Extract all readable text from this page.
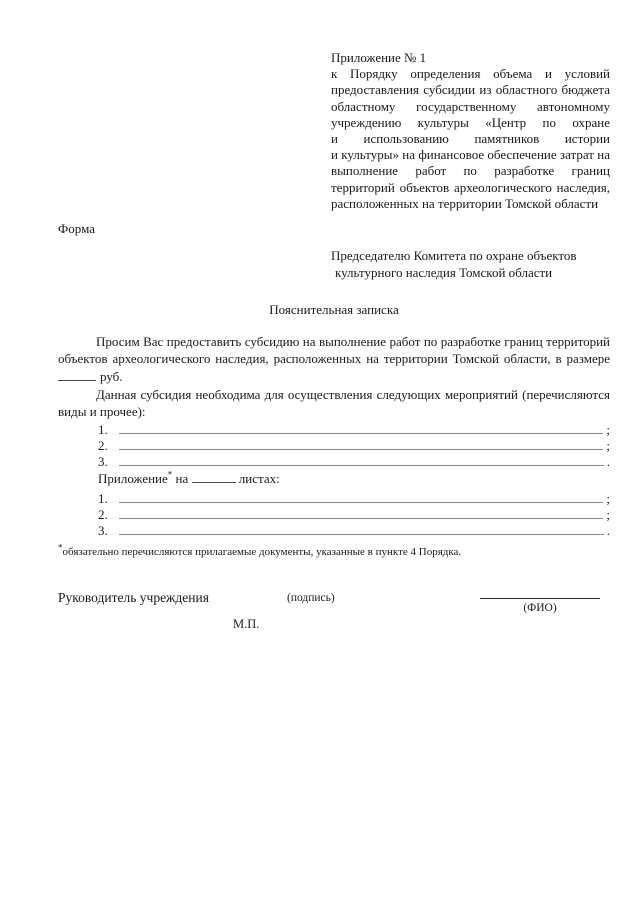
Приложение № 1
к Порядку определения объема и условий
предоставления субсидии из областного бюджета
областному государственному автономному
учреждению культуры «Центр по охране
и использованию памятников истории
и культуры» на финансовое обеспечение затрат на
выполнение работ по разработке границ
территорий объектов археологического наследия,
расположенных на территории Томской области
Форма
Председателю Комитета по охране объектов
культурного наследия Томской области
Пояснительная записка
Просим Вас предоставить субсидию на выполнение работ по разработке границ территорий
объектов археологического наследия, расположенных на территории Томской области, в размере
руб.
Данная субсидия необходима для осуществления следующих мероприятий (перечисляются
виды и прочее):
1.	;
2.	;
3.	.
Приложение* на	листах:
1.	;
2.	;
3.	.
*обязательно перечисляются прилагаемые документы, указанные в пункте 4 Порядка.
Руководитель учреждения	(подпись)
(ФИО)
М.П.
